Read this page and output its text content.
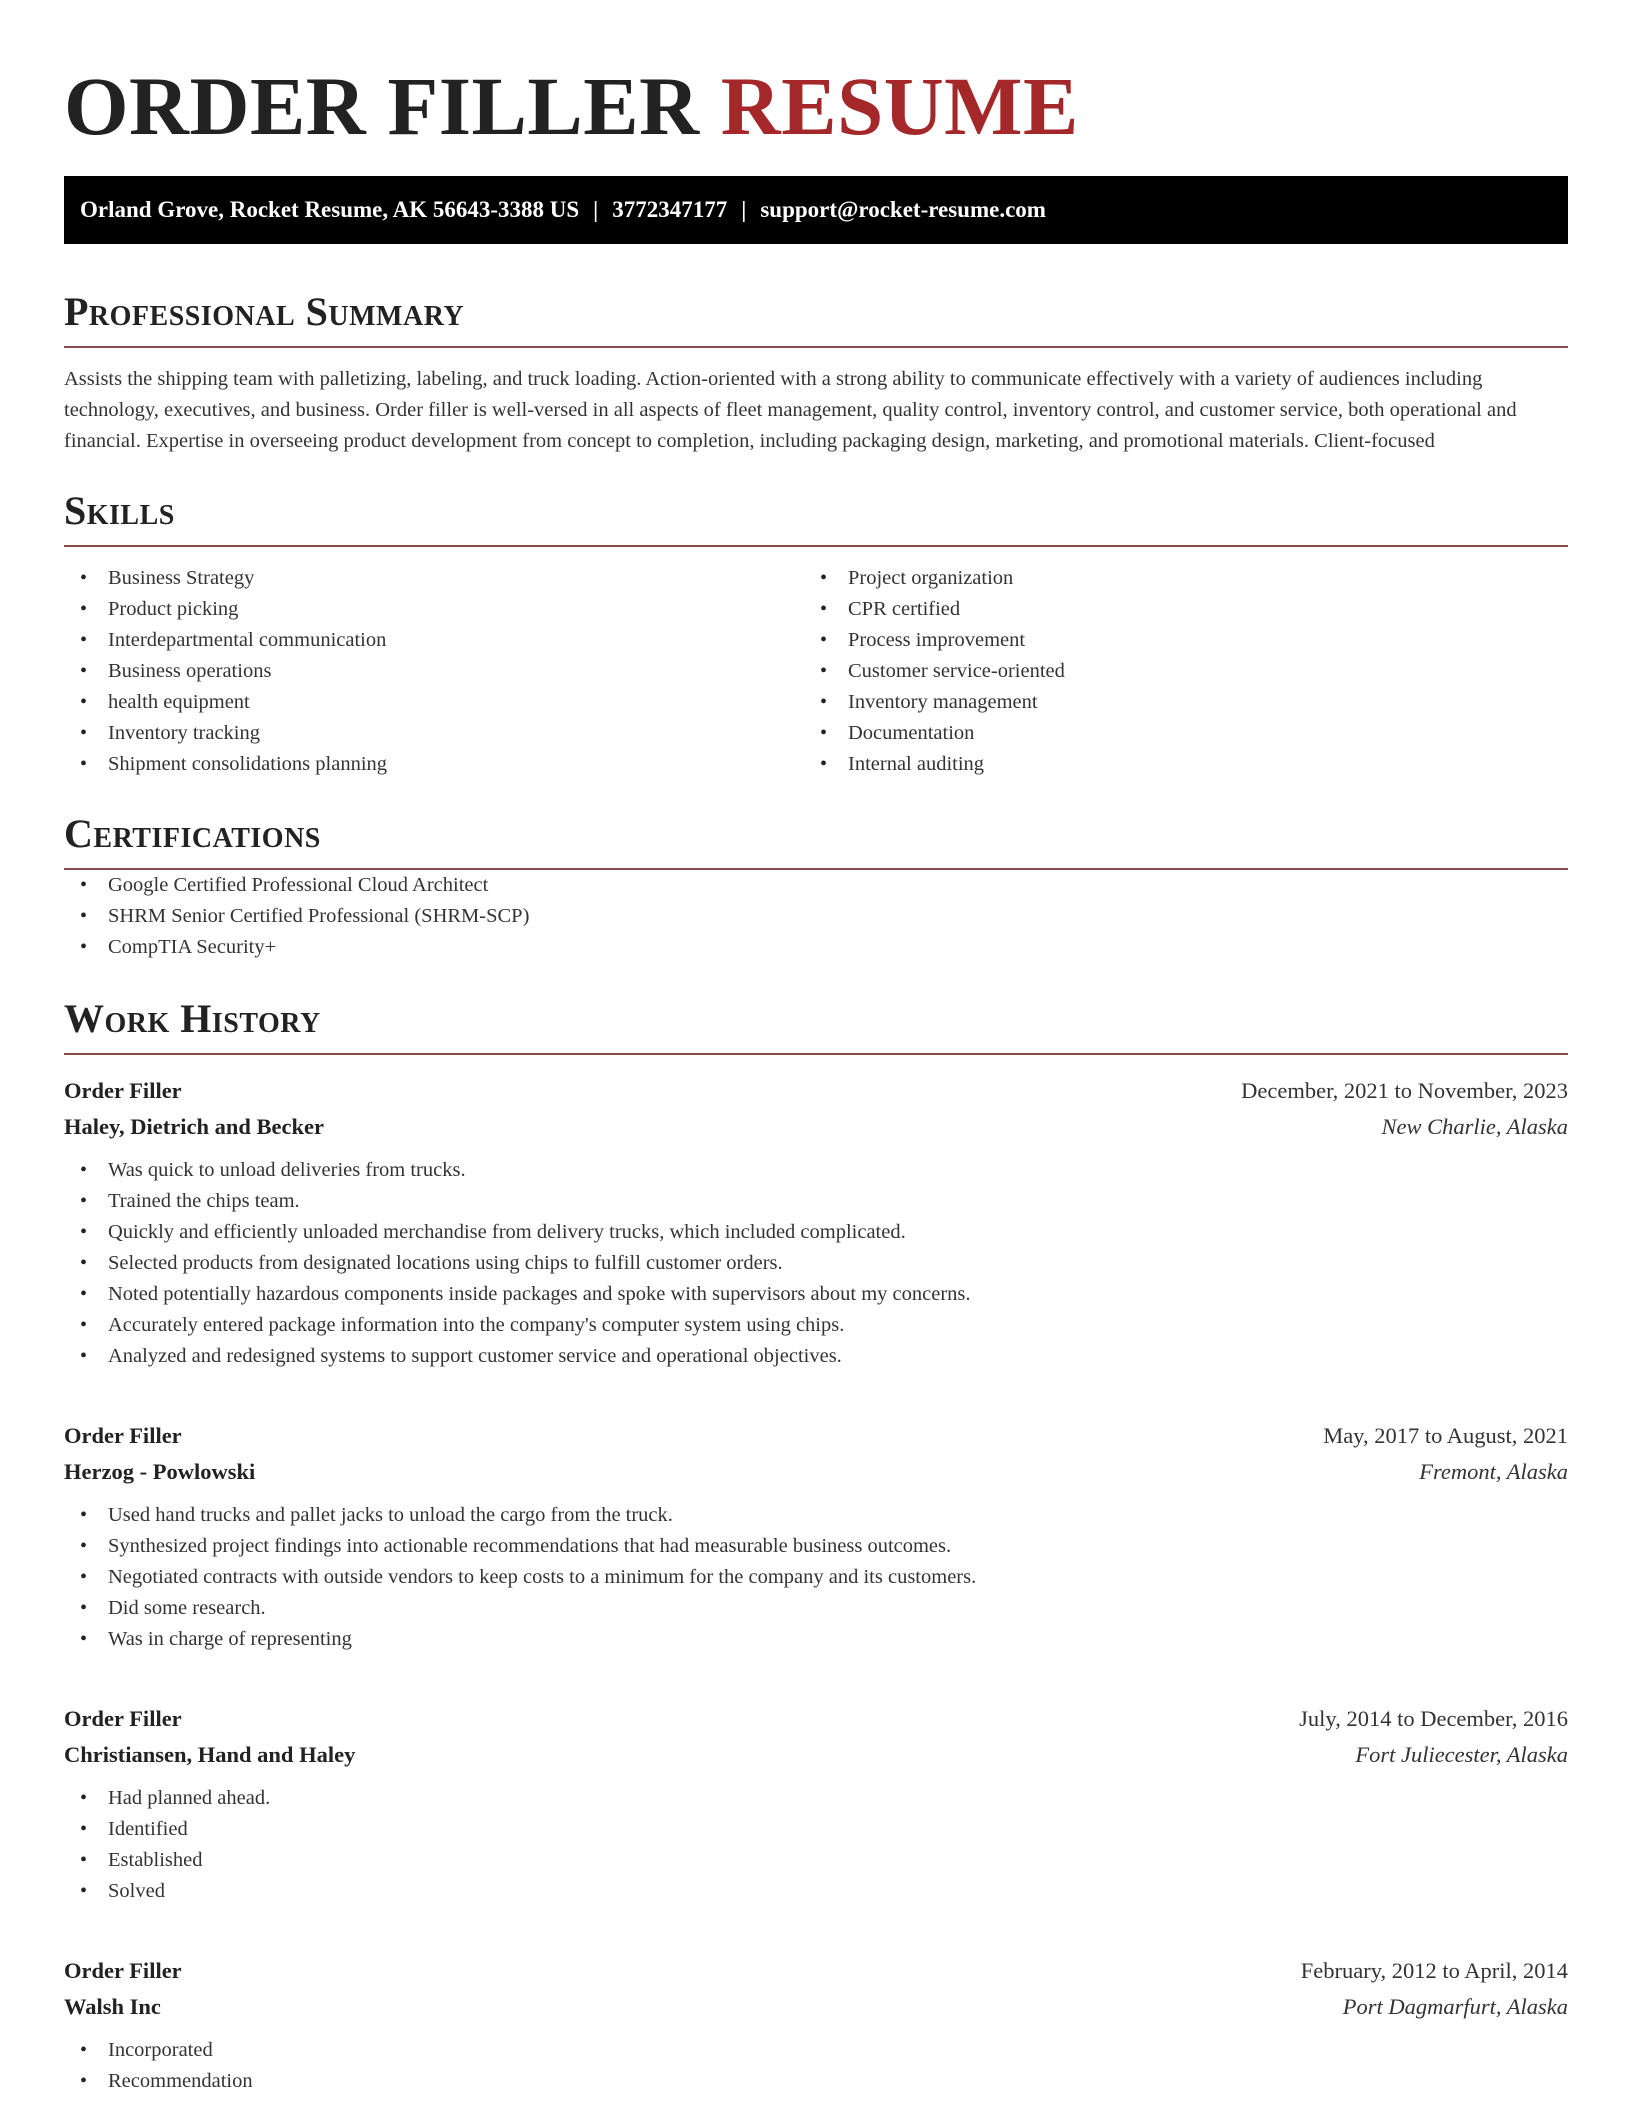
ORDER FILLER RESUME
Orland Grove, Rocket Resume, AK 56643-3388 US | 3772347177 | support@rocket-resume.com
Professional Summary

Assists the shipping team with palletizing, labeling, and truck loading. Action-oriented with a strong ability to communicate effectively with a variety of audiences including technology, executives, and business. Order filler is well-versed in all aspects of fleet management, quality control, inventory control, and customer service, both operational and financial. Expertise in overseeing product development from concept to completion, including packaging design, marketing, and promotional materials. Client-focused

Skills
• Business Strategy
• Product picking
• Interdepartmental communication
• Business operations
• health equipment
• Inventory tracking
• Shipment consolidations planning
• Project organization
• CPR certified
• Process improvement
• Customer service-oriented
• Inventory management
• Documentation
• Internal auditing
Certifications
• Google Certified Professional Cloud Architect
• SHRM Senior Certified Professional (SHRM-SCP)
• CompTIA Security+
Work History
Order Filler	December, 2021 to November, 2023
Haley, Dietrich and Becker	New Charlie, Alaska
• Was quick to unload deliveries from trucks.
• Trained the chips team.
• Quickly and efficiently unloaded merchandise from delivery trucks, which included complicated.
• Selected products from designated locations using chips to fulfill customer orders.
• Noted potentially hazardous components inside packages and spoke with supervisors about my concerns.
• Accurately entered package information into the company's computer system using chips.
• Analyzed and redesigned systems to support customer service and operational objectives.
Order Filler	May, 2017 to August, 2021
Herzog - Powlowski	Fremont, Alaska
• Used hand trucks and pallet jacks to unload the cargo from the truck.
• Synthesized project findings into actionable recommendations that had measurable business outcomes.
• Negotiated contracts with outside vendors to keep costs to a minimum for the company and its customers.
• Did some research.
• Was in charge of representing
Order Filler	July, 2014 to December, 2016
Christiansen, Hand and Haley	Fort Juliecester, Alaska
• Had planned ahead.
• Identified
• Established
• Solved
Order Filler	February, 2012 to April, 2014
Walsh Inc	Port Dagmarfurt, Alaska
• Incorporated
• Recommendation
